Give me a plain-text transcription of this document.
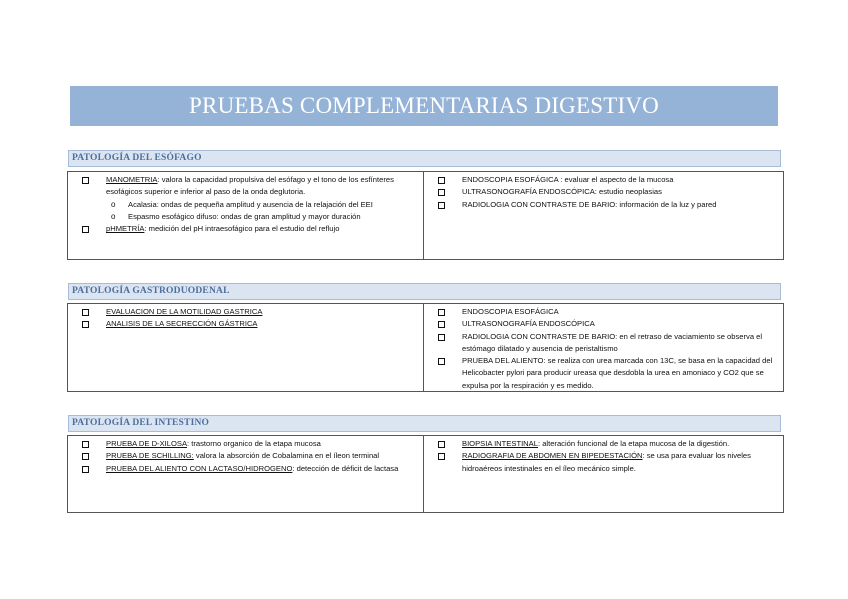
PRUEBAS COMPLEMENTARIAS DIGESTIVO
PATOLOGÍA DEL ESÓFAGO
MANOMETRIA: valora la capacidad propulsiva del esófago y el tono de los esfínteres esofágicos superior e inferior al paso de la onda deglutoria.
o	Acalasia: ondas de pequeña amplitud y ausencia de la relajación del EEI
o	Espasmo esofágico difuso: ondas de gran amplitud y mayor duración
pHMETRÍA: medición del pH intraesofágico para el estudio del reflujo
ENDOSCOPIA ESOFÁGICA : evaluar el aspecto de la mucosa
ULTRASONOGRAFÍA ENDOSCÓPICA: estudio neoplasias
RADIOLOGIA CON CONTRASTE DE BARIO: información de la luz y pared
PATOLOGÍA GASTRODUODENAL
EVALUACION DE LA MOTILIDAD GASTRICA
ANALISIS DE LA SECRECCIÓN GÁSTRICA
ENDOSCOPIA ESOFÁGICA
ULTRASONOGRAFÍA ENDOSCÓPICA
RADIOLOGIA CON CONTRASTE DE BARIO: en el retraso de vaciamiento se observa el estómago dilatado y ausencia de peristaltismo
PRUEBA DEL ALIENTO: se realiza con urea marcada con 13C, se basa en la capacidad del Helicobacter pylori para producir ureasa que desdobla la urea en amoniaco y CO2 que se expulsa por la respiración y es medido.
PATOLOGÍA DEL INTESTINO
PRUEBA DE D-XILOSA: trastorno organico de la etapa mucosa
PRUEBA DE SCHILLING: valora la absorción de Cobalamina en el íleon terminal
PRUEBA DEL ALIENTO CON LACTASO/HIDROGENO: detección de déficit de lactasa
BIOPSIA INTESTINAL: alteración funcional de la etapa mucosa de la digestión.
RADIOGRAFIA DE ABDOMEN EN BIPEDESTACIÓN: se usa para evaluar los niveles hidroaéreos intestinales en el íleo mecánico simple.
